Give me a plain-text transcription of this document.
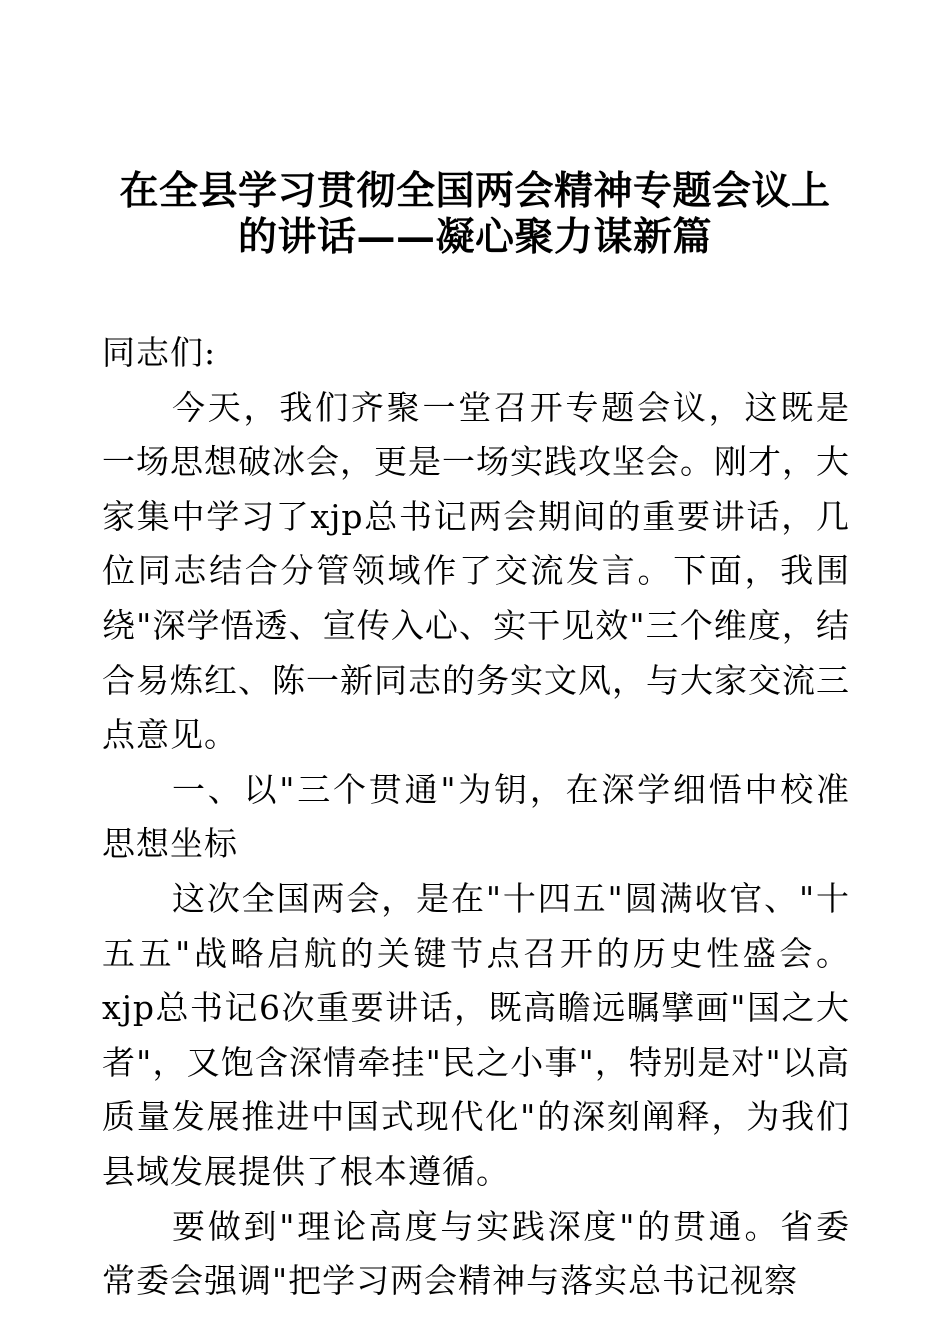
在全县学习贯彻全国两会精神专题会议上
的讲话——凝心聚力谋新篇

同志们:

今天，我们齐聚一堂召开专题会议，这既是一场思想破冰会，更是一场实践攻坚会。刚才，大家集中学习了xjp总书记两会期间的重要讲话，几位同志结合分管领域作了交流发言。下面，我围绕"深学悟透、宣传入心、实干见效"三个维度，结合易炼红、陈一新同志的务实文风，与大家交流三点意见。

一、以"三个贯通"为钥，在深学细悟中校准思想坐标

这次全国两会，是在"十四五"圆满收官、"十五五"战略启航的关键节点召开的历史性盛会。xjp总书记6次重要讲话，既高瞻远瞩擘画"国之大者"，又饱含深情牵挂"民之小事"，特别是对"以高质量发展推进中国式现代化"的深刻阐释，为我们县域发展提供了根本遵循。

要做到"理论高度与实践深度"的贯通。省委常委会强调"把学习两会精神与落实总书记视察
